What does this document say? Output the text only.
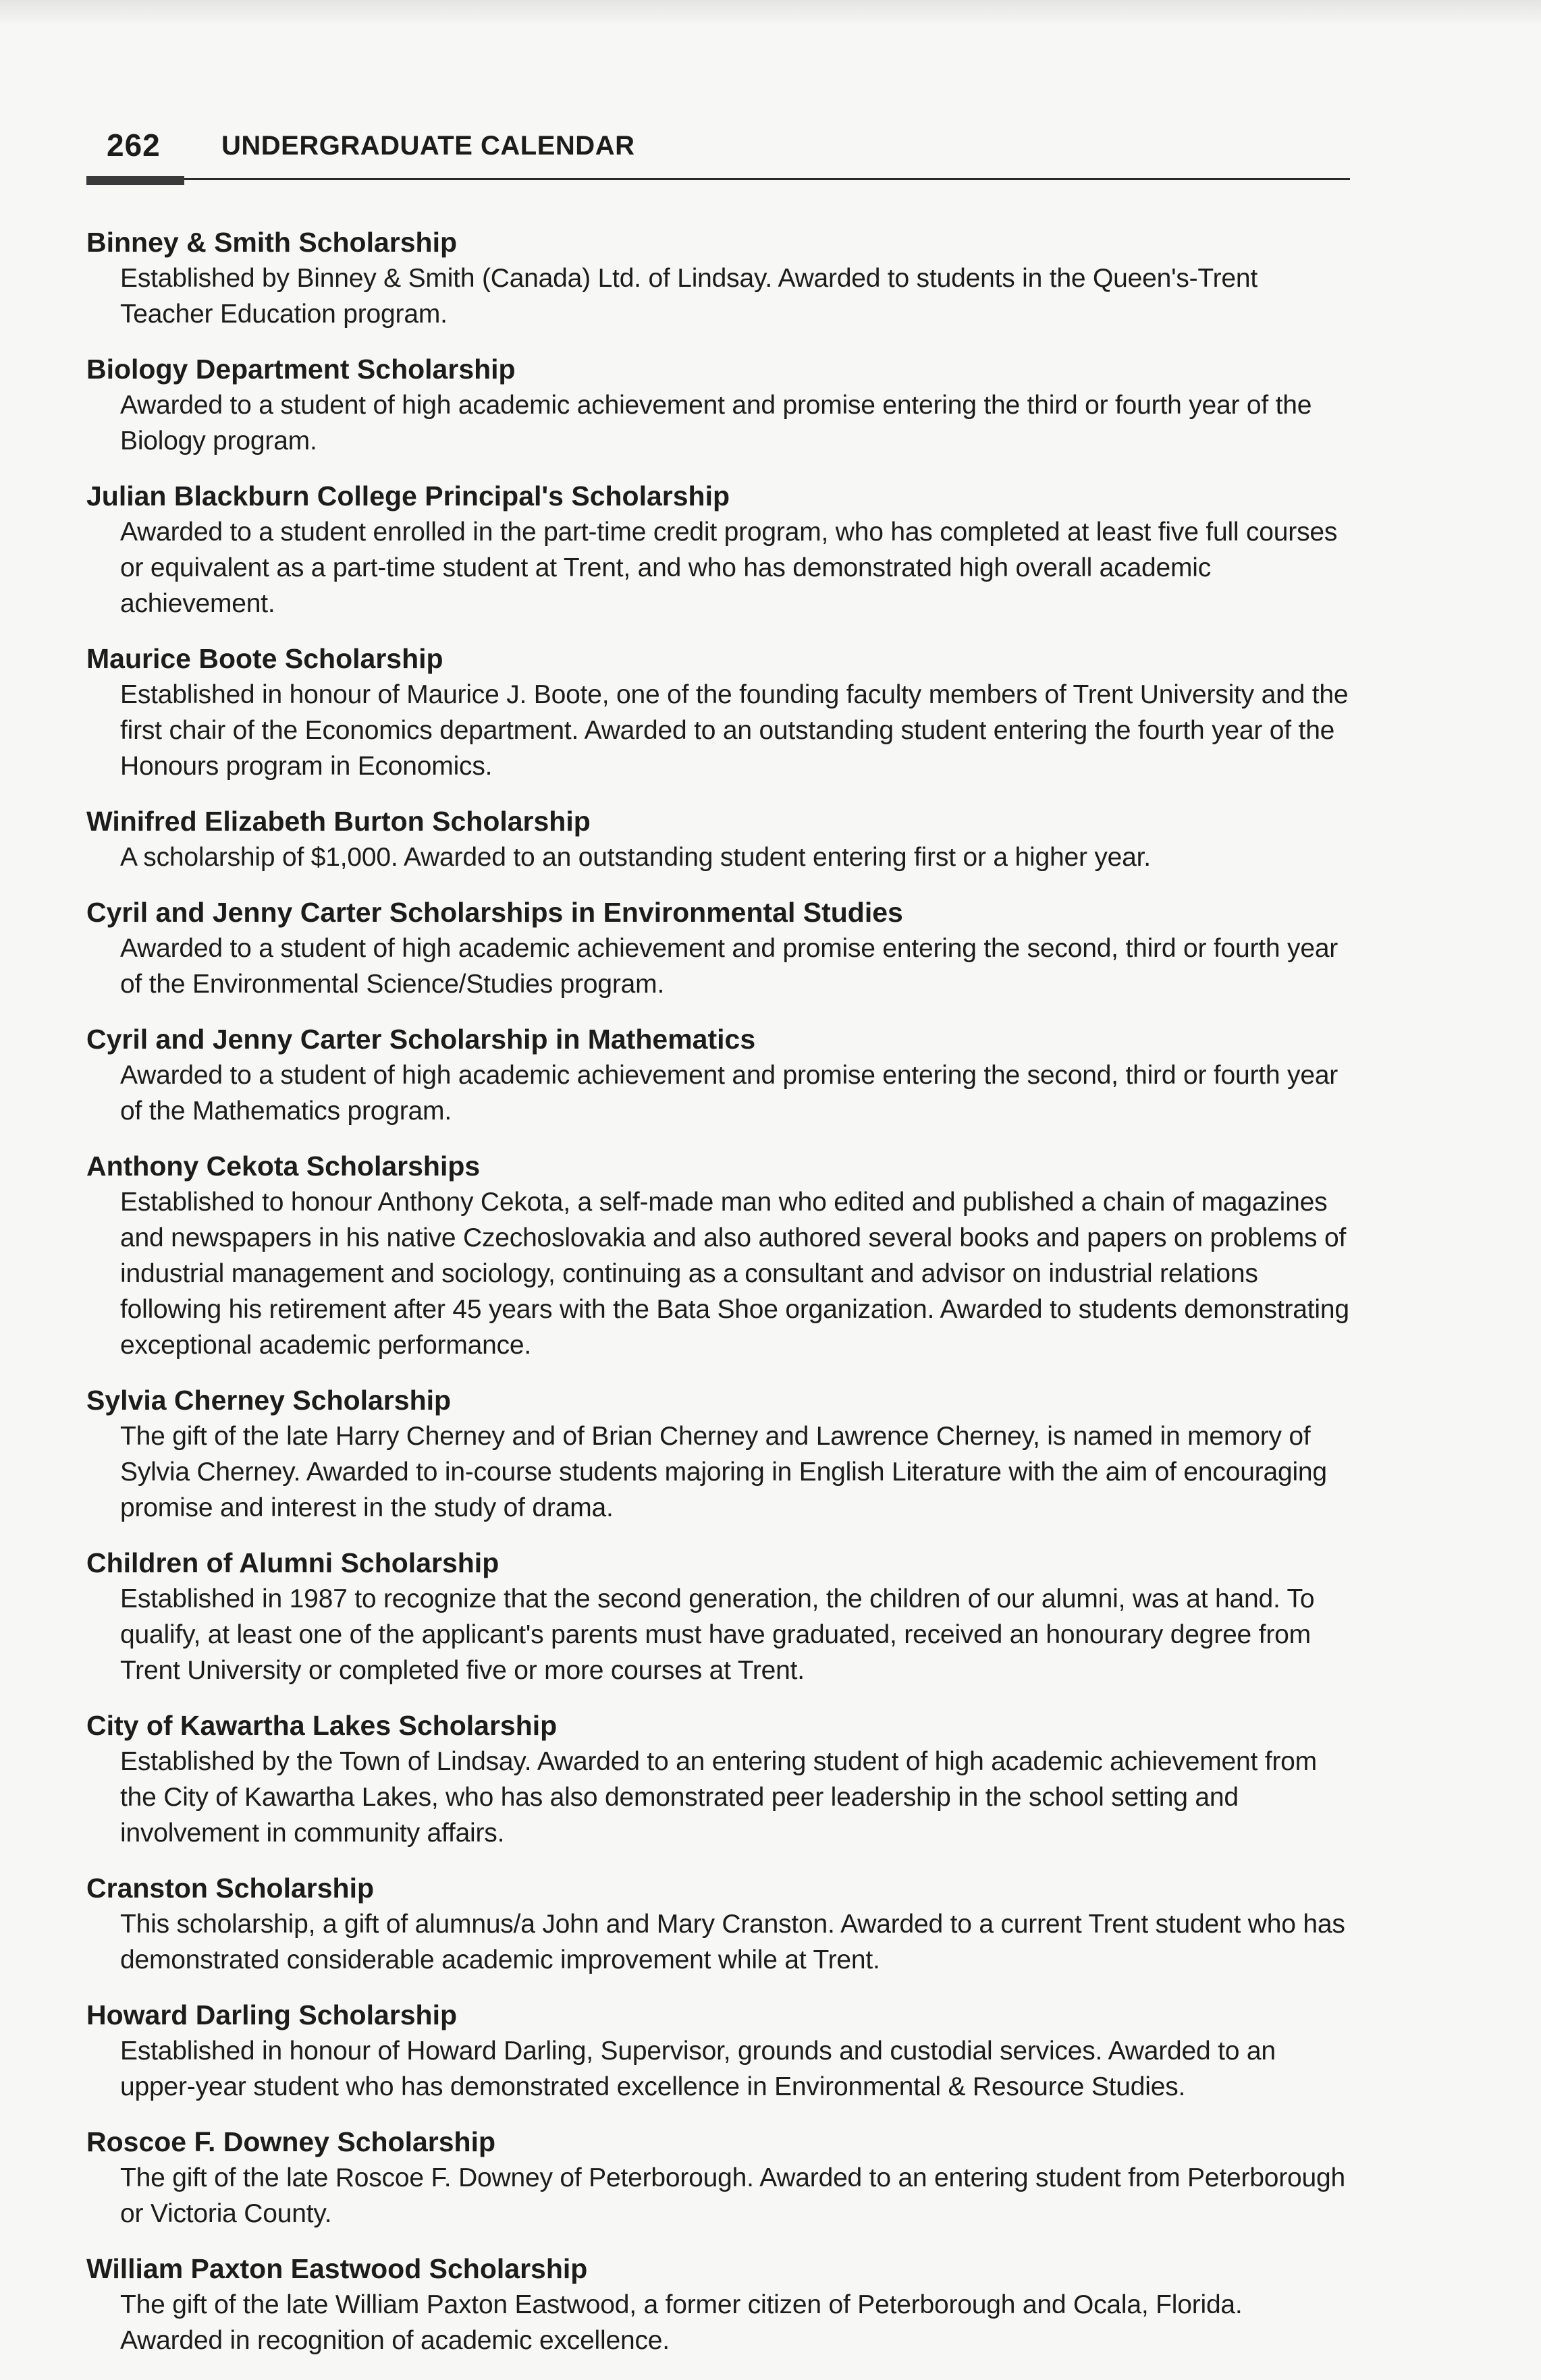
262 UNDERGRADUATE CALENDAR

Binney & Smith Scholarship

Established by Binney & Smith (Canada) Ltd. of Lindsay. Awarded to students in the Queen's-Trent Teacher Education program.

Biology Department Scholarship

Awarded to a student of high academic achievement and promise entering the third or fourth year of the Biology program.

Julian Blackburn College Principal's Scholarship

Awarded to a student enrolled in the part-time credit program, who has completed at least five full courses or equivalent as a part-time student at Trent, and who has demonstrated high overall academic achievement.

Maurice Boote Scholarship

Established in honour of Maurice J. Boote, one of the founding faculty members of Trent University and the first chair of the Economics department. Awarded to an outstanding student entering the fourth year of the Honours program in Economics.

Winifred Elizabeth Burton Scholarship

A scholarship of $1,000. Awarded to an outstanding student entering first or a higher year.

Cyril and Jenny Carter Scholarships in Environmental Studies

Awarded to a student of high academic achievement and promise entering the second, third or fourth year of the Environmental Science/Studies program.

Cyril and Jenny Carter Scholarship in Mathematics

Awarded to a student of high academic achievement and promise entering the second, third or fourth year of the Mathematics program.

Anthony Cekota Scholarships

Established to honour Anthony Cekota, a self-made man who edited and published a chain of magazines and newspapers in his native Czechoslovakia and also authored several books and papers on problems of industrial management and sociology, continuing as a consultant and advisor on industrial relations following his retirement after 45 years with the Bata Shoe organization. Awarded to students demonstrating exceptional academic performance.

Sylvia Cherney Scholarship

The gift of the late Harry Cherney and of Brian Cherney and Lawrence Cherney, is named in memory of Sylvia Cherney. Awarded to in-course students majoring in English Literature with the aim of encouraging promise and interest in the study of drama.

Children of Alumni Scholarship

Established in 1987 to recognize that the second generation, the children of our alumni, was at hand. To qualify, at least one of the applicant's parents must have graduated, received an honourary degree from Trent University or completed five or more courses at Trent.

City of Kawartha Lakes Scholarship

Established by the Town of Lindsay. Awarded to an entering student of high academic achievement from the City of Kawartha Lakes, who has also demonstrated peer leadership in the school setting and involvement in community affairs.

Cranston Scholarship

This scholarship, a gift of alumnus/a John and Mary Cranston. Awarded to a current Trent student who has demonstrated considerable academic improvement while at Trent.

Howard Darling Scholarship

Established in honour of Howard Darling, Supervisor, grounds and custodial services. Awarded to an upper-year student who has demonstrated excellence in Environmental & Resource Studies.

Roscoe F. Downey Scholarship

The gift of the late Roscoe F. Downey of Peterborough. Awarded to an entering student from Peterborough or Victoria County.

William Paxton Eastwood Scholarship

The gift of the late William Paxton Eastwood, a former citizen of Peterborough and Ocala, Florida. Awarded in recognition of academic excellence.
